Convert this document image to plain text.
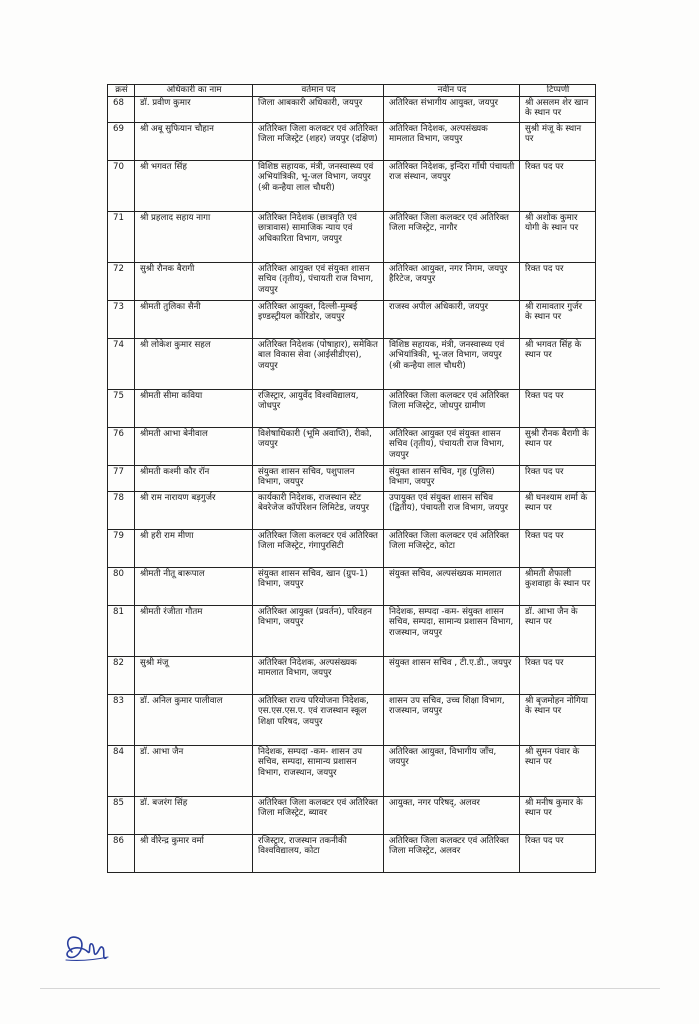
क्रसं	अधिकारी का नाम	वर्तमान पद	नवीन पद	टिप्पणी
68	डॉ. प्रवीण कुमार	जिला आबकारी अधिकारी, जयपुर	अतिरिक्त संभागीय आयुक्त, जयपुर	श्री असलम शेर खान के स्थान पर
69	श्री अबू सुफियान चौहान	अतिरिक्त जिला कलक्टर एवं अतिरिक्त जिला मजिस्ट्रेट (शहर) जयपुर (दक्षिण)	अतिरिक्त निदेशक, अल्पसंख्यक मामलात विभाग, जयपुर	सुश्री मंजू के स्थान पर
70	श्री भगवत सिंह	विशिष्ठ सहायक, मंत्री, जनस्वास्थ्य एवं अभियांत्रिकी, भू-जल विभाग, जयपुर (श्री कन्हैया लाल चौधरी)	अतिरिक्त निदेशक, इन्दिरा गाँधी पंचायती राज संस्थान, जयपुर	रिक्त पद पर
71	श्री प्रहलाद सहाय नागा	अतिरिक्त निदेशक (छात्रवृति एवं छात्रावास) सामाजिक न्याय एवं अधिकारिता विभाग, जयपुर	अतिरिक्त जिला कलक्टर एवं अतिरिक्त जिला मजिस्ट्रेट, नागौर	श्री अशोक कुमार योगी के स्थान पर
72	सुश्री रौनक बैरागी	अतिरिक्त आयुक्त एवं संयुक्त शासन सचिव (तृतीय), पंचायती राज विभाग, जयपुर	अतिरिक्त आयुक्त, नगर निगम, जयपुर हैरिटेज, जयपुर	रिक्त पद पर
73	श्रीमती तुलिका सैनी	अतिरिक्त आयुक्त, दिल्ली-मुम्बई इण्डस्ट्रीयल कोरिडोर, जयपुर	राजस्व अपील अधिकारी, जयपुर	श्री रामावतार गुर्जर के स्थान पर
74	श्री लोकेश कुमार सहल	अतिरिक्त निदेशक (पोषाहार), समेकित बाल विकास सेवा (आईसीडीएस), जयपुर	विशिष्ठ सहायक, मंत्री, जनस्वास्थ्य एवं अभियांत्रिकी, भू-जल विभाग, जयपुर (श्री कन्हैया लाल चौधरी)	श्री भगवत सिंह के स्थान पर
75	श्रीमती सीमा कविया	रजिस्ट्रार, आयुर्वेद विश्वविद्यालय, जोधपुर	अतिरिक्त जिला कलक्टर एवं अतिरिक्त जिला मजिस्ट्रेट, जोधपुर ग्रामीण	रिक्त पद पर
76	श्रीमती आभा बेनीवाल	विशेषाधिकारी (भूमि अवाप्ति), रीको, जयपुर	अतिरिक्त आयुक्त एवं संयुक्त शासन सचिव (तृतीय), पंचायती राज विभाग, जयपुर	सुश्री रौनक बैरागी के स्थान पर
77	श्रीमती कश्मी कौर रॉन	संयुक्त शासन सचिव, पशुपालन विभाग, जयपुर	संयुक्त शासन सचिव, गृह (पुलिस) विभाग, जयपुर	रिक्त पद पर
78	श्री राम नारायण बड़गुर्जर	कार्यकारी निदेशक, राजस्थान स्टेट बेवरेजेज कॉर्पोरेशन लिमिटेड, जयपुर	उपायुक्त एवं संयुक्त शासन सचिव (द्वितीय), पंचायती राज विभाग, जयपुर	श्री घनश्याम शर्मा के स्थान पर
79	श्री हरी राम मीणा	अतिरिक्त जिला कलक्टर एवं अतिरिक्त जिला मजिस्ट्रेट, गंगापुरसिटी	अतिरिक्त जिला कलक्टर एवं अतिरिक्त जिला मजिस्ट्रेट, कोटा	रिक्त पद पर
80	श्रीमती नीतू बारूपाल	संयुक्त शासन सचिव, खान (ग्रुप-1) विभाग, जयपुर	संयुक्त सचिव, अल्पसंख्यक मामलात	श्रीमती शैफाली कुशवाहा के स्थान पर
81	श्रीमती रंजीता गौतम	अतिरिक्त आयुक्त (प्रवर्तन), परिवहन विभाग, जयपुर	निदेशक, सम्पदा -कम- संयुक्त शासन सचिव, सम्पदा, सामान्य प्रशासन विभाग, राजस्थान, जयपुर	डॉ. आभा जैन के स्थान पर
82	सुश्री मंजू	अतिरिक्त निदेशक, अल्पसंख्यक मामलात विभाग, जयपुर	संयुक्त शासन सचिव , टी.ए.डी., जयपुर	रिक्त पद पर
83	डॉ. अनिल कुमार पालीवाल	अतिरिक्त राज्य परियोजना निदेशक, एस.एस.एस.ए. एवं राजस्थान स्कूल शिक्षा परिषद, जयपुर	शासन उप सचिव, उच्च शिक्षा विभाग, राजस्थान, जयपुर	श्री बृजमोहन नोगिया के स्थान पर
84	डॉ. आभा जैन	निदेशक, सम्पदा -कम- शासन उप सचिव, सम्पदा, सामान्य प्रशासन विभाग, राजस्थान, जयपुर	अतिरिक्त आयुक्त, विभागीय जाँच, जयपुर	श्री सुमन पंवार के स्थान पर
85	डॉ. बजरंग सिंह	अतिरिक्त जिला कलक्टर एवं अतिरिक्त जिला मजिस्ट्रेट, ब्यावर	आयुक्त, नगर परिषद्, अलवर	श्री मनीष कुमार के स्थान पर
86	श्री वीरेन्द्र कुमार वर्मा	रजिस्ट्रार, राजस्थान तकनीकी विश्वविद्यालय, कोटा	अतिरिक्त जिला कलक्टर एवं अतिरिक्त जिला मजिस्ट्रेट, अलवर	रिक्त पद पर
